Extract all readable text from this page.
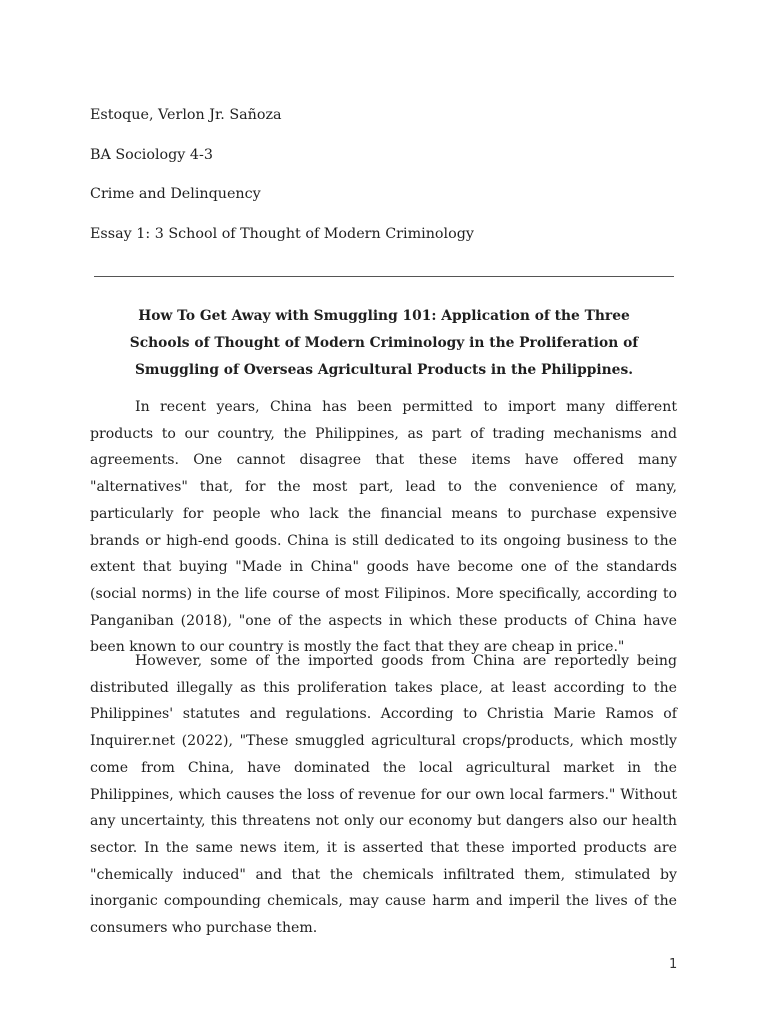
Estoque, Verlon Jr. Sañoza
BA Sociology 4-3
Crime and Delinquency
Essay 1: 3 School of Thought of Modern Criminology
How To Get Away with Smuggling 101: Application of the Three
Schools of Thought of Modern Criminology in the Proliferation of
Smuggling of Overseas Agricultural Products in the Philippines.

In recent years, China has been permitted to import many different products to our country, the Philippines, as part of trading mechanisms and agreements. One cannot disagree that these items have offered many "alternatives" that, for the most part, lead to the convenience of many, particularly for people who lack the financial means to purchase expensive brands or high-end goods. China is still dedicated to its ongoing business to the extent that buying "Made in China" goods have become one of the standards (social norms) in the life course of most Filipinos. More specifically, according to Panganiban (2018), "one of the aspects in which these products of China have been known to our country is mostly the fact that they are cheap in price."

However, some of the imported goods from China are reportedly being distributed illegally as this proliferation takes place, at least according to the Philippines' statutes and regulations. According to Christia Marie Ramos of Inquirer.net (2022), "These smuggled agricultural crops/products, which mostly come from China, have dominated the local agricultural market in the Philippines, which causes the loss of revenue for our own local farmers." Without any uncertainty, this threatens not only our economy but dangers also our health sector. In the same news item, it is asserted that these imported products are "chemically induced" and that the chemicals infiltrated them, stimulated by inorganic compounding chemicals, may cause harm and imperil the lives of the consumers who purchase them.

1
